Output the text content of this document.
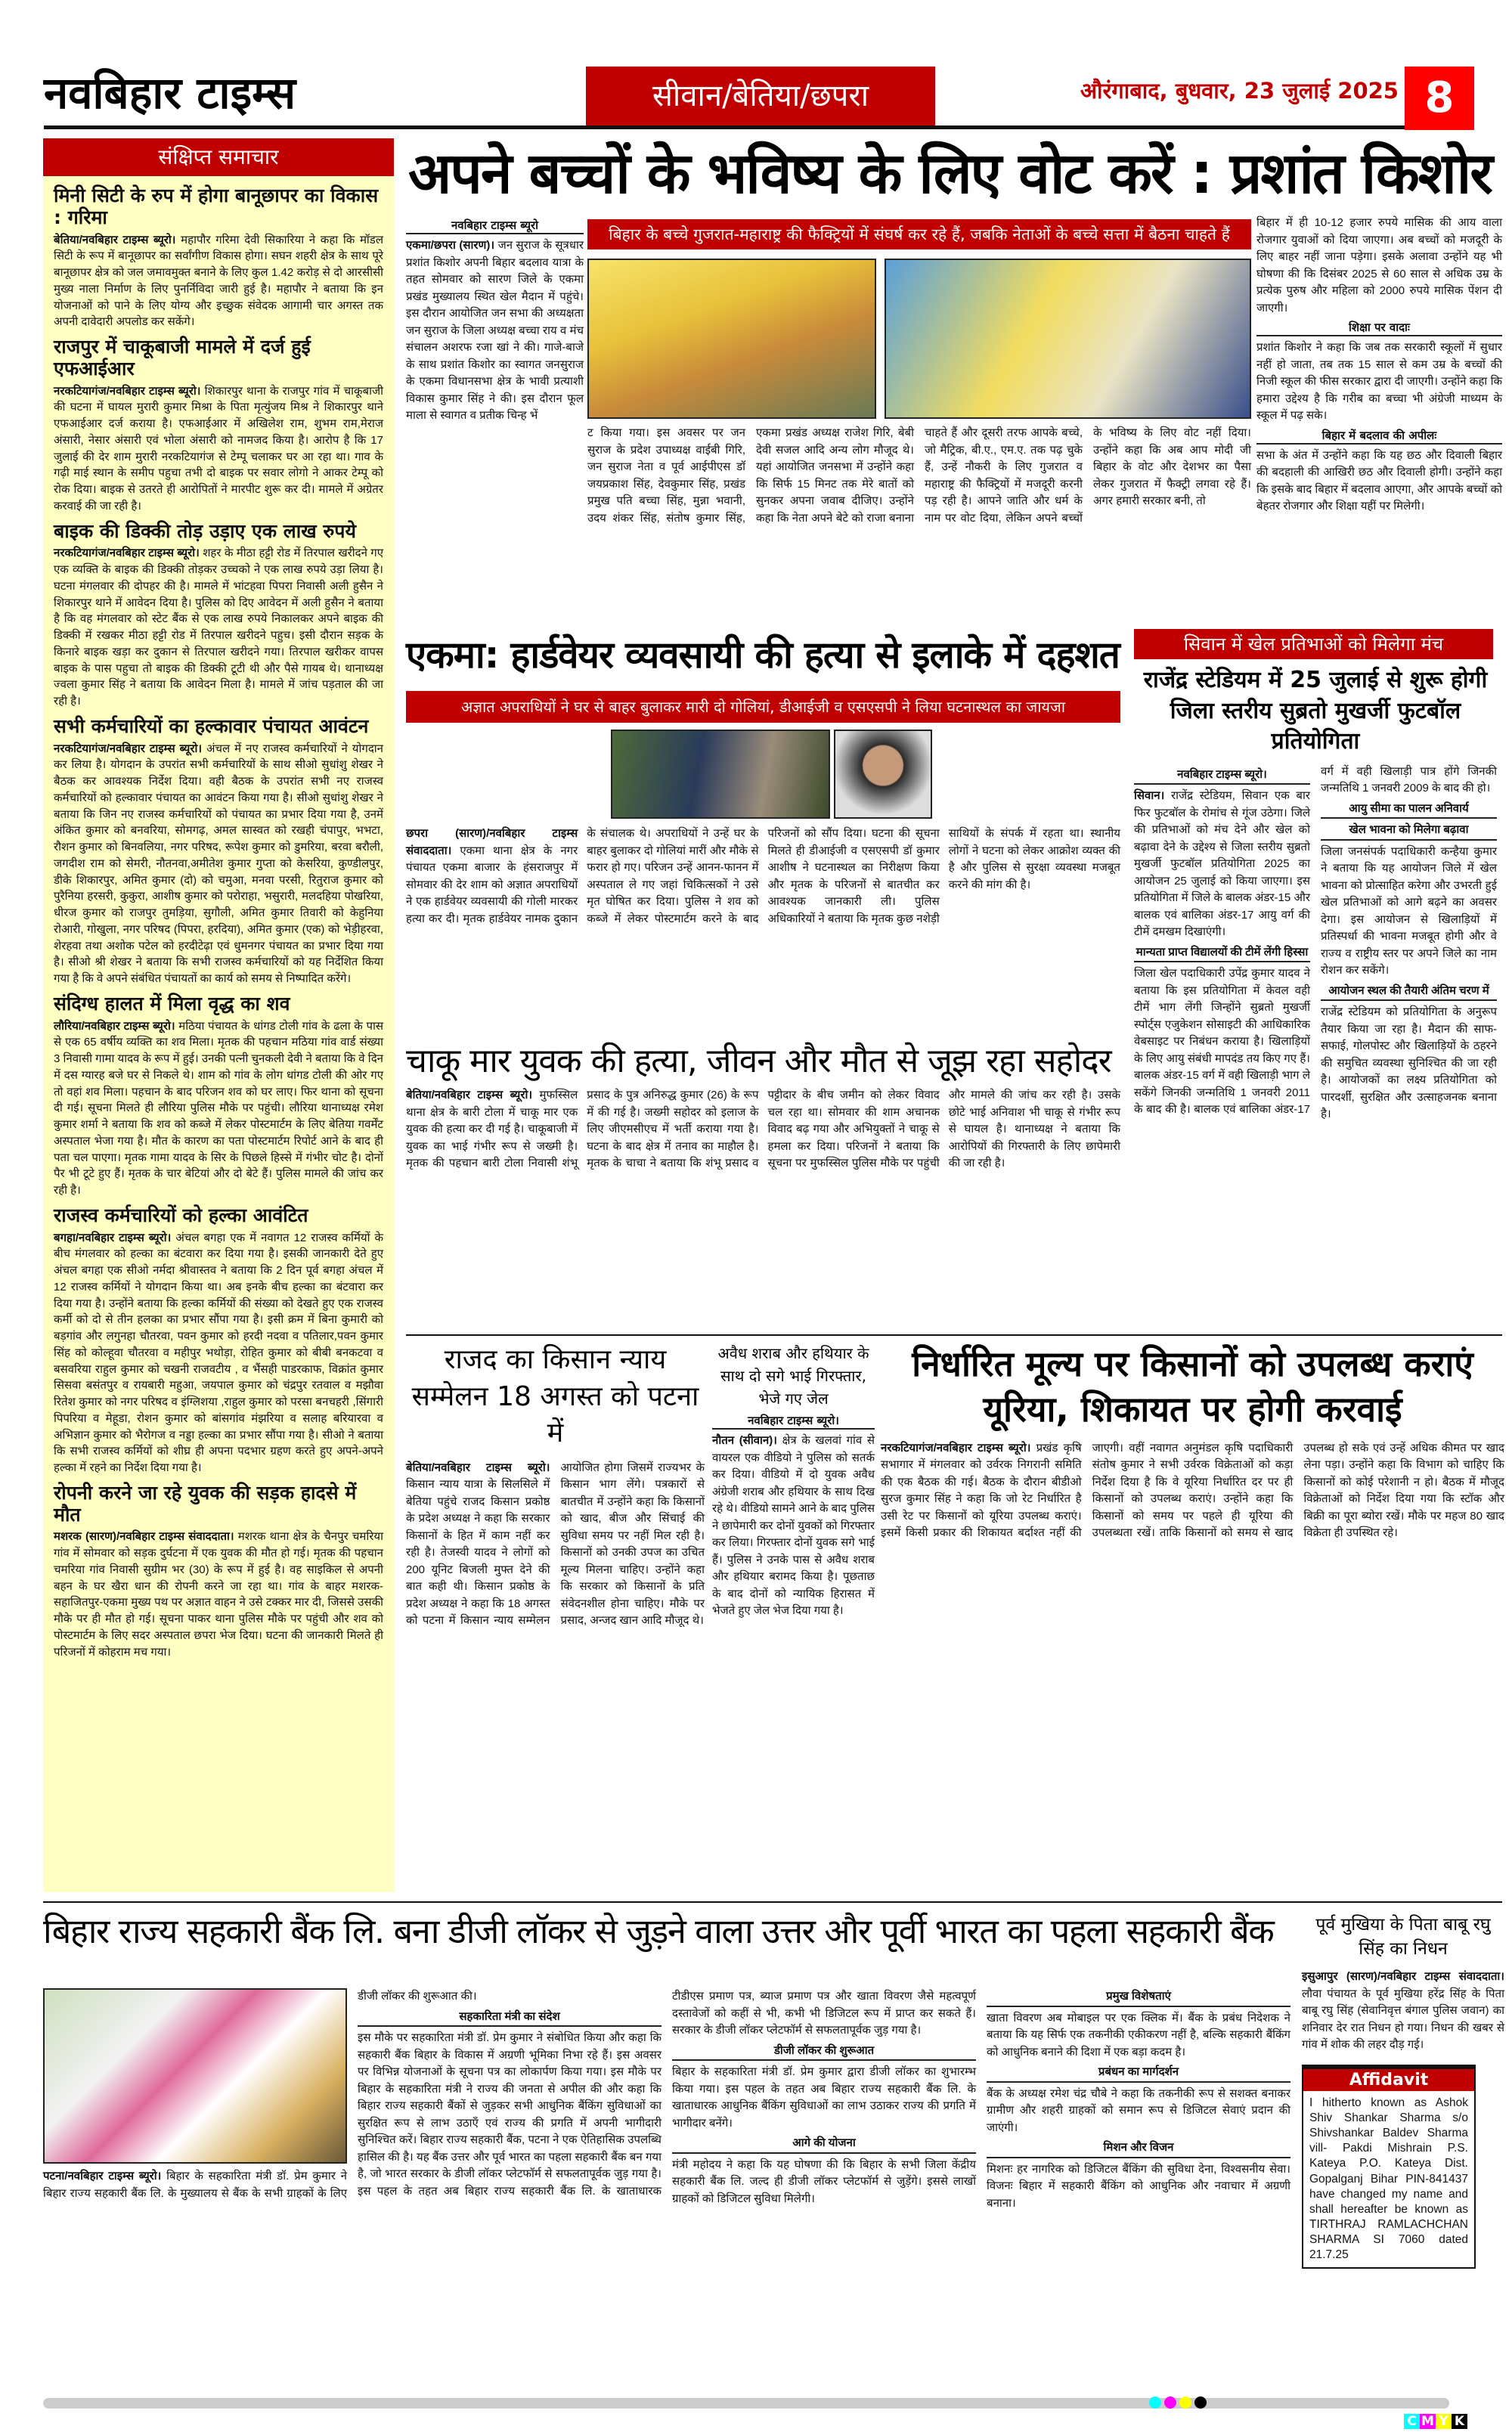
नवबिहार टाइम्स	सीवान/बेतिया/छपरा	औरंगाबाद, बुधवार, 23 जुलाई 2025 8
संक्षिप्त समाचार
मिनी सिटी के रुप में होगा बानूछापर का विकास : गरिमा

बेतिया/नवबिहार टाइम्स ब्यूरो। महापौर गरिमा देवी सिकारिया ने कहा कि मॉडल सिटी के रूप में बानूछापर का सर्वांगीण विकास होगा। सघन शहरी क्षेत्र के साथ पूरे बानूछापर क्षेत्र को जल जमावमुक्त बनाने के लिए कुल 1.42 करोड़ से दो आरसीसी मुख्य नाला निर्माण के लिए पुनर्निविदा जारी हुई है। महापौर ने बताया कि इन योजनाओं को पाने के लिए योग्य और इच्छुक संवेदक आगामी चार अगस्त तक अपनी दावेदारी अपलोड कर सकेंगे।

राजपुर में चाकूबाजी मामले में दर्ज हुई एफआईआर

नरकटियागंज/नवबिहार टाइम्स ब्यूरो। शिकारपुर थाना के राजपुर गांव में चाकूबाजी की घटना में घायल मुरारी कुमार मिश्रा के पिता मृत्युंजय मिश्र ने शिकारपुर थाने एफआईआर दर्ज कराया है। एफआईआर में अखिलेश राम, शुभम राम,मेराज अंसारी, नेसार अंसारी एवं भोला अंसारी को नामजद किया है। आरोप है कि 17 जुलाई की देर शाम मुरारी नरकटियागंज से टेम्पू चलाकर घर आ रहा था। गाव के गढ़ी माई स्थान के समीप पहुचा तभी दो बाइक पर सवार लोगो ने आकर टेम्पू को रोक दिया। बाइक से उतरते ही आरोपितों ने मारपीट शुरू कर दी। मामले में अग्रेतर करवाई की जा रही है।

बाइक की डिक्की तोड़ उड़ाए एक लाख रुपये

नरकटियागंज/नवबिहार टाइम्स ब्यूरो। शहर के मीठा हट्टी रोड में तिरपाल खरीदने गए एक व्यक्ति के बाइक की डिक्की तोड़कर उच्चको ने एक लाख रुपये उड़ा लिया है। घटना मंगलवार की दोपहर की है। मामले में भांटहवा पिपरा निवासी अली हुसैन ने शिकारपुर थाने में आवेदन दिया है। पुलिस को दिए आवेदन में अली हुसैन ने बताया है कि वह मंगलवार को स्टेट बैंक से एक लाख रुपये निकालकर अपने बाइक की डिक्की में रखकर मीठा हट्टी रोड में तिरपाल खरीदने पहुच। इसी दौरान सड़क के किनारे बाइक खड़ा कर दुकान से तिरपाल खरीदने गया। तिरपाल खरीकर वापस बाइक के पास पहुचा तो बाइक की डिक्की टूटी थी और पैसे गायब थे। थानाध्यक्ष ज्वला कुमार सिंह ने बताया कि आवेदन मिला है। मामले में जांच पड़ताल की जा रही है।

सभी कर्मचारियों का हल्कावार पंचायत आवंटन

नरकटियागंज/नवबिहार टाइम्स ब्यूरो। अंचल में नए राजस्व कर्मचारियों ने योगदान कर लिया है। योगदान के उपरांत सभी कर्मचारियों के साथ सीओ सुधांशु शेखर ने बैठक कर आवश्यक निर्देश दिया। वही बैठक के उपरांत सभी नए राजस्व कर्मचारियों को हल्कावार पंचायत का आवंटन किया गया है। सीओ सुधांशु शेखर ने बताया कि जिन नए राजस्व कर्मचारियों को पंचायत का प्रभार दिया गया है, उनमें अंकित कुमार को बनवरिया, सोमगढ़, अमल सास्वत को रखही चंपापुर, भभटा, रौशन कुमार को बिनवलिया, नगर परिषद, रूपेश कुमार को डुमरिया, बरवा बरौली, जगदीश राम को सेमरी, नौतनवा,अमीतेश कुमार गुप्ता को केसरिया, कुण्डीलपुर, डीके शिकारपुर, अमित कुमार (दो) को चमुआ, मनवा परसी, रितुराज कुमार को पुरैनिया हरसरी, कुकुरा, आशीष कुमार को परोराहा, भसुरारी, मलदहिया पोखरिया, धीरज कुमार को राजपुर तुमड़िया, सुगौली, अमित कुमार तिवारी को केहुनिया रोआरी, गोखुला, नगर परिषद (पिपरा, हरदिया), अमित कुमार (एक) को भेड़ीहरवा, शेरहवा तथा अशोक पटेल को हरदीटेढ़ा एवं धुमनगर पंचायत का प्रभार दिया गया है। सीओ श्री शेखर ने बताया कि सभी राजस्व कर्मचारियों को यह निर्देशित किया गया है कि वे अपने संबंधित पंचायतों का कार्य को समय से निष्पादित करेंगे।

संदिग्ध हालत में मिला वृद्ध का शव

लौरिया/नवबिहार टाइम्स ब्यूरो। मठिया पंचायत के धांगड टोली गांव के ढला के पास से एक 65 वर्षीय व्यक्ति का शव मिला। मृतक की पहचान मठिया गांव वार्ड संख्या 3 निवासी गामा यादव के रूप में हुई। उनकी पत्नी चुनकली देवी ने बताया कि वे दिन में दस ग्यारह बजे घर से निकले थे। शाम को गांव के लोग धांगड टोली की ओर गए तो वहां शव मिला। पहचान के बाद परिजन शव को घर लाए। फिर थाना को सूचना दी गई। सूचना मिलते ही लौरिया पुलिस मौके पर पहुंची। लौरिया थानाध्यक्ष रमेश कुमार शर्मा ने बताया कि शव को कब्जे में लेकर पोस्टमार्टम के लिए बेतिया गवर्मेंट अस्पताल भेजा गया है। मौत के कारण का पता पोस्टमार्टम रिपोर्ट आने के बाद ही पता चल पाएगा। मृतक गामा यादव के सिर के पिछले हिस्से में गंभीर चोट है। दोनों पैर भी टूटे हुए हैं। मृतक के चार बेटियां और दो बेटे हैं। पुलिस मामले की जांच कर रही है।

राजस्व कर्मचारियों को हल्का आवंटित

बगहा/नवबिहार टाइम्स ब्यूरो। अंचल बगहा एक में नवागत 12 राजस्व कर्मियों के बीच मंगलवार को हल्का का बंटवारा कर दिया गया है। इसकी जानकारी देते हुए अंचल बगहा एक सीओ नर्मदा श्रीवास्तव ने बताया कि 2 दिन पूर्व बगहा अंचल में 12 राजस्व कर्मियों ने योगदान किया था। अब इनके बीच हल्का का बंटवारा कर दिया गया है। उन्होंने बताया कि हल्का कर्मियों की संख्या को देखते हुए एक राजस्व कर्मी को दो से तीन हलका का प्रभार सौंपा गया है। इसी क्रम में बिना कुमारी को बड़गांव और लगुनहा चौतरवा, पवन कुमार को हरदी नदवा व पतिलार,पवन कुमार सिंह को कोल्हूवा चौतरवा व महीपुर भथोड़ा, रोहित कुमार को बीबी बनकटवा व बसवरिया राहुल कुमार को चखनी राजवटीय , व भैंसही पाडरकाफ, विक्रांत कुमार सिसवा बसंतपुर व रायबारी महुआ, जयपाल कुमार को चंद्रपुर रतवाल व मझौवा रितेश कुमार को नगर परिषद व इंग्लिशया ,राहुल कुमार को परसा बनचहरी ,सिंगारी पिपरिया व मेहूडा, रोशन कुमार को बांसगांव मंझरिया व सलाह बरियारवा व अभिज्ञान कुमार को भैरोगज व नड्डा हल्का का प्रभार सौंपा गया है। सीओ ने बताया कि सभी राजस्व कर्मियों को शीघ्र ही अपना पदभार ग्रहण करते हुए अपने-अपने हल्का में रहने का निर्देश दिया गया है।

रोपनी करने जा रहे युवक की सड़क हादसे में मौत

मशरक (सारण)/नवबिहार टाइम्स संवाददाता। मशरक थाना क्षेत्र के चैनपुर चमरिया गांव में सोमवार को सड़क दुर्घटना में एक युवक की मौत हो गई। मृतक की पहचान चमरिया गांव निवासी सुग्रीम भर (30) के रूप में हुई है। वह साइकिल से अपनी बहन के घर खैरा धान की रोपनी करने जा रहा था। गांव के बाहर मशरक-सहाजितपुर-एकमा मुख्य पथ पर अज्ञात वाहन ने उसे टक्कर मार दी, जिससे उसकी मौके पर ही मौत हो गई। सूचना पाकर थाना पुलिस मौके पर पहुंची और शव को पोस्टमार्टम के लिए सदर अस्पताल छपरा भेज दिया। घटना की जानकारी मिलते ही परिजनों में कोहराम मच गया।

अपने बच्चों के भविष्य के लिए वोट करें : प्रशांत किशोर
नवबिहार टाइम्स ब्यूरो
एकमा/छपरा (सारण)। जन सुराज के सूत्रधार प्रशांत किशोर अपनी बिहार बदलाव यात्रा के तहत सोमवार को सारण जिले के एकमा प्रखंड मुख्यालय स्थित खेल मैदान में पहुंचे। इस दौरान आयोजित जन सभा की अध्यक्षता जन सुराज के जिला अध्यक्ष बच्चा राय व मंच संचालन अशरफ रजा खां ने की। गाजे-बाजे के साथ प्रशांत किशोर का स्वागत जनसुराज के एकमा विधानसभा क्षेत्र के भावी प्रत्याशी विकास कुमार सिंह ने की। इस दौरान फूल माला से स्वागत व प्रतीक चिन्ह भें
बिहार के बच्चे गुजरात-महाराष्ट्र की फैक्ट्रियों में संघर्ष कर रहे हैं, जबकि नेताओं के बच्चे सत्ता में बैठना चाहते हैं
ट किया गया। इस अवसर पर जन सुराज के प्रदेश उपाध्यक्ष वाईबी गिरि, जन सुराज नेता व पूर्व आईपीएस डॉ जयप्रकाश सिंह, देवकुमार सिंह, प्रखंड प्रमुख पति बच्चा सिंह, मुन्ना भवानी, उदय शंकर सिंह, संतोष कुमार सिंह, एकमा प्रखंड अध्यक्ष राजेश गिरि, बेबी देवी सजल आदि अन्य लोग मौजूद थे। यहां आयोजित जनसभा में उन्होंने कहा कि सिर्फ 15 मिनट तक मेरे बातों को सुनकर अपना जवाब दीजिए। उन्होंने कहा कि नेता अपने बेटे को राजा बनाना चाहते हैं और दूसरी तरफ आपके बच्चे, जो मैट्रिक, बी.ए., एम.ए. तक पढ़ चुके हैं, उन्हें नौकरी के लिए गुजरात व महाराष्ट्र की फैक्ट्रियों में मजदूरी करनी पड़ रही है। आपने जाति और धर्म के नाम पर वोट दिया, लेकिन अपने बच्चों के भविष्य के लिए वोट नहीं दिया। उन्होंने कहा कि अब आप मोदी जी बिहार के वोट और देशभर का पैसा लेकर गुजरात में फैक्ट्री लगवा रहे हैं। अगर हमारी सरकार बनी, तो
बिहार में ही 10-12 हजार रुपये मासिक की आय वाला रोजगार युवाओं को दिया जाएगा। अब बच्चों को मजदूरी के लिए बाहर नहीं जाना पड़ेगा। इसके अलावा उन्होंने यह भी घोषणा की कि दिसंबर 2025 से 60 साल से अधिक उम्र के प्रत्येक पुरुष और महिला को 2000 रुपये मासिक पेंशन दी जाएगी।
शिक्षा पर वादाः
प्रशांत किशोर ने कहा कि जब तक सरकारी स्कूलों में सुधार नहीं हो जाता, तब तक 15 साल से कम उम्र के बच्चों की निजी स्कूल की फीस सरकार द्वारा दी जाएगी। उन्होंने कहा कि हमारा उद्देश्य है कि गरीब का बच्चा भी अंग्रेजी माध्यम के स्कूल में पढ़ सके।
बिहार में बदलाव की अपीलः
सभा के अंत में उन्होंने कहा कि यह छठ और दिवाली बिहार की बदहाली की आखिरी छठ और दिवाली होगी। उन्होंने कहा कि इसके बाद बिहार में बदलाव आएगा, और आपके बच्चों को बेहतर रोजगार और शिक्षा यहीं पर मिलेगी।
एकमा: हार्डवेयर व्यवसायी की हत्या से इलाके में दहशत
अज्ञात अपराधियों ने घर से बाहर बुलाकर मारी दो गोलियां, डीआईजी व एसएसपी ने लिया घटनास्थल का जायजा
छपरा (सारण)/नवबिहार टाइम्स संवाददाता। एकमा थाना क्षेत्र के नगर पंचायत एकमा बाजार के हंसराजपुर में सोमवार की देर शाम को अज्ञात अपराधियों ने एक हार्डवेयर व्यवसायी की गोली मारकर हत्या कर दी। मृतक हार्डवेयर नामक दुकान के संचालक थे। अपराधियों ने उन्हें घर के बाहर बुलाकर दो गोलियां मारीं और मौके से फरार हो गए। परिजन उन्हें आनन-फानन में अस्पताल ले गए जहां चिकित्सकों ने उसे मृत घोषित कर दिया। पुलिस ने शव को कब्जे में लेकर पोस्टमार्टम करने के बाद परिजनों को सौंप दिया। घटना की सूचना मिलते ही डीआईजी व एसएसपी डॉ कुमार आशीष ने घटनास्थल का निरीक्षण किया और मृतक के परिजनों से बातचीत कर आवश्यक जानकारी ली। पुलिस अधिकारियों ने बताया कि मृतक कुछ नशेड़ी साथियों के संपर्क में रहता था। स्थानीय लोगों ने घटना को लेकर आक्रोश व्यक्त की है और पुलिस से सुरक्षा व्यवस्था मजबूत करने की मांग की है।
सिवान में खेल प्रतिभाओं को मिलेगा मंच
राजेंद्र स्टेडियम में 25 जुलाई से शुरू होगी जिला स्तरीय सुब्रतो मुखर्जी फुटबॉल प्रतियोगिता
नवबिहार टाइम्स ब्यूरो।
सिवान। राजेंद्र स्टेडियम, सिवान एक बार फिर फुटबॉल के रोमांच से गूंज उठेगा। जिले की प्रतिभाओं को मंच देने और खेल को बढ़ावा देने के उद्देश्य से जिला स्तरीय सुब्रतो मुखर्जी फुटबॉल प्रतियोगिता 2025 का आयोजन 25 जुलाई को किया जाएगा। इस प्रतियोगिता में जिले के बालक अंडर-15 और बालक एवं बालिका अंडर-17 आयु वर्ग की टीमें दमखम दिखाएंगी।
मान्यता प्राप्त विद्यालयों की टीमें लेंगी हिस्सा
जिला खेल पदाधिकारी उपेंद्र कुमार यादव ने बताया कि इस प्रतियोगिता में केवल वही टीमें भाग लेंगी जिन्होंने सुब्रतो मुखर्जी स्पोर्ट्स एजुकेशन सोसाइटी की आधिकारिक वेबसाइट पर निबंधन कराया है। खिलाड़ियों के लिए आयु संबंधी मापदंड तय किए गए हैं। बालक अंडर-15 वर्ग में वही खिलाड़ी भाग ले सकेंगे जिनकी जन्मतिथि 1 जनवरी 2011 के बाद की है। बालक एवं बालिका अंडर-17 वर्ग में वही खिलाड़ी पात्र होंगे जिनकी जन्मतिथि 1 जनवरी 2009 के बाद की हो।
आयु सीमा का पालन अनिवार्य
खेल भावना को मिलेगा बढ़ावा
जिला जनसंपर्क पदाधिकारी कन्हैया कुमार ने बताया कि यह आयोजन जिले में खेल भावना को प्रोत्साहित करेगा और उभरती हुई खेल प्रतिभाओं को आगे बढ़ने का अवसर देगा। इस आयोजन से खिलाड़ियों में प्रतिस्पर्धा की भावना मजबूत होगी और वे राज्य व राष्ट्रीय स्तर पर अपने जिले का नाम रोशन कर सकेंगे।
आयोजन स्थल की तैयारी अंतिम चरण में
राजेंद्र स्टेडियम को प्रतियोगिता के अनुरूप तैयार किया जा रहा है। मैदान की साफ-सफाई, गोलपोस्ट और खिलाड़ियों के ठहरने की समुचित व्यवस्था सुनिश्चित की जा रही है। आयोजकों का लक्ष्य प्रतियोगिता को पारदर्शी, सुरक्षित और उत्साहजनक बनाना है।
चाकू मार युवक की हत्या, जीवन और मौत से जूझ रहा सहोदर
बेतिया/नवबिहार टाइम्स ब्यूरो। मुफस्सिल थाना क्षेत्र के बारी टोला में चाकू मार एक युवक की हत्या कर दी गई है। चाकूबाजी में युवक का भाई गंभीर रूप से जख्मी है। मृतक की पहचान बारी टोला निवासी शंभू प्रसाद के पुत्र अनिरुद्ध कुमार (26) के रूप में की गई है। जख्मी सहोदर को इलाज के लिए जीएमसीएच में भर्ती कराया गया है। घटना के बाद क्षेत्र में तनाव का माहौल है। मृतक के चाचा ने बताया कि शंभू प्रसाद व पट्टीदार के बीच जमीन को लेकर विवाद चल रहा था। सोमवार की शाम अचानक विवाद बढ़ गया और अभियुक्तों ने चाकू से हमला कर दिया। परिजनों ने बताया कि सूचना पर मुफस्सिल पुलिस मौके पर पहुंची और मामले की जांच कर रही है। उसके छोटे भाई अनिवाश भी चाकू से गंभीर रूप से घायल है। थानाध्यक्ष ने बताया कि आरोपियों की गिरफ्तारी के लिए छापेमारी की जा रही है।
राजद का किसान न्याय सम्मेलन 18 अगस्त को पटना में
बेतिया/नवबिहार टाइम्स ब्यूरो। किसान न्याय यात्रा के सिलसिले में बेतिया पहुंचे राजद किसान प्रकोष्ठ के प्रदेश अध्यक्ष ने कहा कि सरकार किसानों के हित में काम नहीं कर रही है। तेजस्वी यादव ने लोगों को 200 यूनिट बिजली मुफ्त देने की बात कही थी। किसान प्रकोष्ठ के प्रदेश अध्यक्ष ने कहा कि 18 अगस्त को पटना में किसान न्याय सम्मेलन आयोजित होगा जिसमें राज्यभर के किसान भाग लेंगे। पत्रकारों से बातचीत में उन्होंने कहा कि किसानों को खाद, बीज और सिंचाई की सुविधा समय पर नहीं मिल रही है। किसानों को उनकी उपज का उचित मूल्य मिलना चाहिए। उन्होंने कहा कि सरकार को किसानों के प्रति संवेदनशील होना चाहिए। मौके पर प्रसाद, अन्जद खान आदि मौजूद थे।
अवैध शराब और हथियार के साथ दो सगे भाई गिरफ्तार, भेजे गए जेल
नवबिहार टाइम्स ब्यूरो।
नौतन (सीवान)। क्षेत्र के खलवां गांव से वायरल एक वीडियो ने पुलिस को सतर्क कर दिया। वीडियो में दो युवक अवैध अंग्रेजी शराब और हथियार के साथ दिख रहे थे। वीडियो सामने आने के बाद पुलिस ने छापेमारी कर दोनों युवकों को गिरफ्तार कर लिया। गिरफ्तार दोनों युवक सगे भाई हैं। पुलिस ने उनके पास से अवैध शराब और हथियार बरामद किया है। पूछताछ के बाद दोनों को न्यायिक हिरासत में भेजते हुए जेल भेज दिया गया है।
निर्धारित मूल्य पर किसानों को उपलब्ध कराएं यूरिया, शिकायत पर होगी करवाई
नरकटियागंज/नवबिहार टाइम्स ब्यूरो। प्रखंड कृषि सभागार में मंगलवार को उर्वरक निगरानी समिति की एक बैठक की गई। बैठक के दौरान बीडीओ सुरज कुमार सिंह ने कहा कि जो रेट निर्धारित है उसी रेट पर किसानों को यूरिया उपलब्ध कराएं। इसमें किसी प्रकार की शिकायत बर्दाश्त नहीं की जाएगी। वहीं नवागत अनुमंडल कृषि पदाधिकारी संतोष कुमार ने सभी उर्वरक विक्रेताओं को कड़ा निर्देश दिया है कि वे यूरिया निर्धारित दर पर ही किसानों को उपलब्ध कराएं। उन्होंने कहा कि किसानों को समय पर पहले ही यूरिया की उपलब्धता रखें। ताकि किसानों को समय से खाद उपलब्ध हो सके एवं उन्हें अधिक कीमत पर खाद लेना पड़ा। उन्होंने कहा कि विभाग को चाहिए कि किसानों को कोई परेशानी न हो। बैठक में मौजूद विक्रेताओं को निर्देश दिया गया कि स्टॉक और बिक्री का पूरा ब्योरा रखें। मौके पर महज 80 खाद विक्रेता ही उपस्थित रहे।
बिहार राज्य सहकारी बैंक लि. बना डीजी लॉकर से जुड़ने वाला उत्तर और पूर्वी भारत का पहला सहकारी बैंक
पटना/नवबिहार टाइम्स ब्यूरो। बिहार के सहकारिता मंत्री डॉ. प्रेम कुमार ने बिहार राज्य सहकारी बैंक लि. के मुख्यालय से बैंक के सभी ग्राहकों के लिए डीजी लॉकर की शुरूआत की।
सहकारिता मंत्री का संदेश
इस मौके पर सहकारिता मंत्री डॉ. प्रेम कुमार ने संबोधित किया और कहा कि सहकारी बैंक बिहार के विकास में अग्रणी भूमिका निभा रहे हैं। इस अवसर पर विभिन्न योजनाओं के सूचना पत्र का लोकार्पण किया गया। इस मौके पर बिहार के सहकारिता मंत्री ने राज्य की जनता से अपील की और कहा कि बिहार राज्य सहकारी बैंकों से जुड़कर सभी आधुनिक बैंकिंग सुविधाओं का सुरक्षित रूप से लाभ उठाएँ एवं राज्य की प्रगति में अपनी भागीदारी सुनिश्चित करें। बिहार राज्य सहकारी बैंक, पटना ने एक ऐतिहासिक उपलब्धि हासिल की है। यह बैंक उत्तर और पूर्व भारत का पहला सहकारी बैंक बन गया है, जो भारत सरकार के डीजी लॉकर प्लेटफॉर्म से सफलतापूर्वक जुड़ गया है। इस पहल के तहत अब बिहार राज्य सहकारी बैंक लि. के खाताधारक टीडीएस प्रमाण पत्र, ब्याज प्रमाण पत्र और खाता विवरण जैसे महत्वपूर्ण दस्तावेजों को कहीं से भी, कभी भी डिजिटल रूप में प्राप्त कर सकते हैं। सरकार के डीजी लॉकर प्लेटफॉर्म से सफलतापूर्वक जुड़ गया है।
डीजी लॉकर की शुरूआत
बिहार के सहकारिता मंत्री डॉ. प्रेम कुमार द्वारा डीजी लॉकर का शुभारम्भ किया गया। इस पहल के तहत अब बिहार राज्य सहकारी बैंक लि. के खाताधारक आधुनिक बैंकिंग सुविधाओं का लाभ उठाकर राज्य की प्रगति में भागीदार बनेंगे।
आगे की योजना
मंत्री महोदय ने कहा कि यह घोषणा की कि बिहार के सभी जिला केंद्रीय सहकारी बैंक लि. जल्द ही डीजी लॉकर प्लेटफॉर्म से जुड़ेंगे। इससे लाखों ग्राहकों को डिजिटल सुविधा मिलेगी।
प्रमुख विशेषताएं
खाता विवरण अब मोबाइल पर एक क्लिक में। बैंक के प्रबंध निदेशक ने बताया कि यह सिर्फ एक तकनीकी एकीकरण नहीं है, बल्कि सहकारी बैंकिंग को आधुनिक बनाने की दिशा में एक बड़ा कदम है।
प्रबंधन का मार्गदर्शन
बैंक के अध्यक्ष रमेश चंद्र चौबे ने कहा कि तकनीकी रूप से सशक्त बनाकर ग्रामीण और शहरी ग्राहकों को समान रूप से डिजिटल सेवाएं प्रदान की जाएंगी।
मिशन और विजन
मिशनः हर नागरिक को डिजिटल बैंकिंग की सुविधा देना, विश्वसनीय सेवा। विजनः बिहार में सहकारी बैंकिंग को आधुनिक और नवाचार में अग्रणी बनाना।
पूर्व मुखिया के पिता बाबू रघु सिंह का निधन
इसुआपुर (सारण)/नवबिहार टाइम्स संवाददाता। लौवा पंचायत के पूर्व मुखिया हरेंद्र सिंह के पिता बाबू रघु सिंह (सेवानिवृत्त बंगाल पुलिस जवान) का शनिवार देर रात निधन हो गया। निधन की खबर से गांव में शोक की लहर दौड़ गई।
Affidavit
I hitherto known as Ashok Shiv Shankar Sharma s/o Shivshankar Baldev Sharma vill- Pakdi Mishrain P.S. Kateya P.O. Kateya Dist. Gopalganj Bihar PIN-841437 have changed my name and shall hereafter be known as TIRTHRAJ RAMLACHCHAN SHARMA SI 7060 dated 21.7.25
C M Y K
